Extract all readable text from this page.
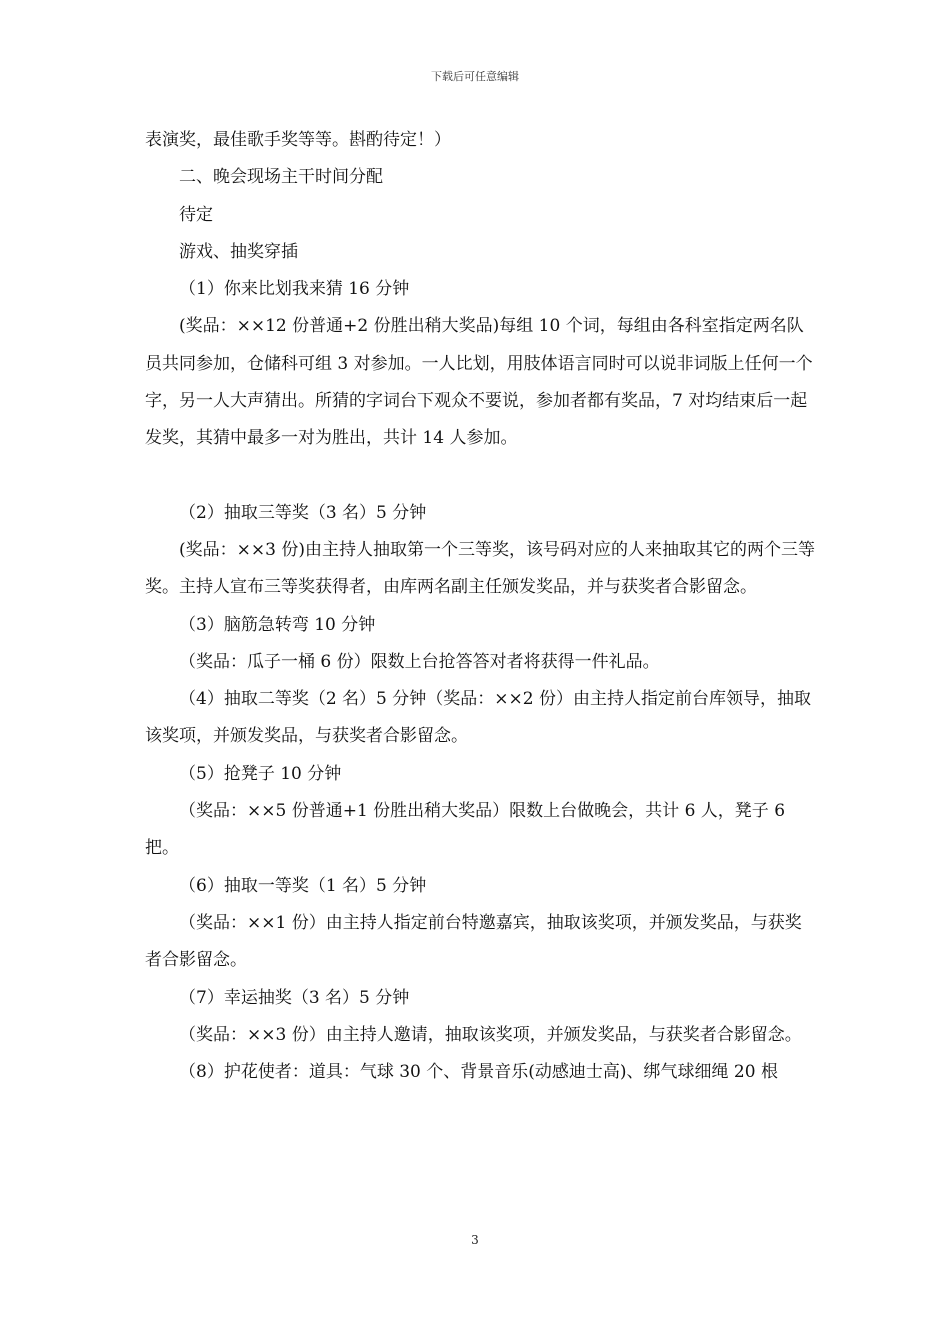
下载后可任意编辑

表演奖，最佳歌手奖等等。斟酌待定！）

二、晚会现场主干时间分配

待定

游戏、抽奖穿插

（1）你来比划我来猜 16 分钟

(奖品：××12 份普通+2 份胜出稍大奖品)每组 10 个词，每组由各科室指定两名队员共同参加，仓储科可组 3 对参加。一人比划，用肢体语言同时可以说非词版上任何一个字，另一人大声猜出。所猜的字词台下观众不要说，参加者都有奖品，7 对均结束后一起发奖，其猜中最多一对为胜出，共计 14 人参加。

（2）抽取三等奖（3 名）5 分钟

(奖品：××3 份)由主持人抽取第一个三等奖，该号码对应的人来抽取其它的两个三等奖。主持人宣布三等奖获得者，由库两名副主任颁发奖品，并与获奖者合影留念。

（3）脑筋急转弯 10 分钟

（奖品：瓜子一桶 6 份）限数上台抢答答对者将获得一件礼品。

（4）抽取二等奖（2 名）5 分钟（奖品：××2 份）由主持人指定前台库领导，抽取该奖项，并颁发奖品，与获奖者合影留念。

（5）抢凳子 10 分钟

（奖品：××5 份普通+1 份胜出稍大奖品）限数上台做晚会，共计 6 人，凳子 6 把。

（6）抽取一等奖（1 名）5 分钟

（奖品：××1 份）由主持人指定前台特邀嘉宾，抽取该奖项，并颁发奖品，与获奖者合影留念。

（7）幸运抽奖（3 名）5 分钟

（奖品：××3 份）由主持人邀请，抽取该奖项，并颁发奖品，与获奖者合影留念。

（8）护花使者：道具：气球 30 个、背景音乐(动感迪士高)、绑气球细绳 20 根

3
